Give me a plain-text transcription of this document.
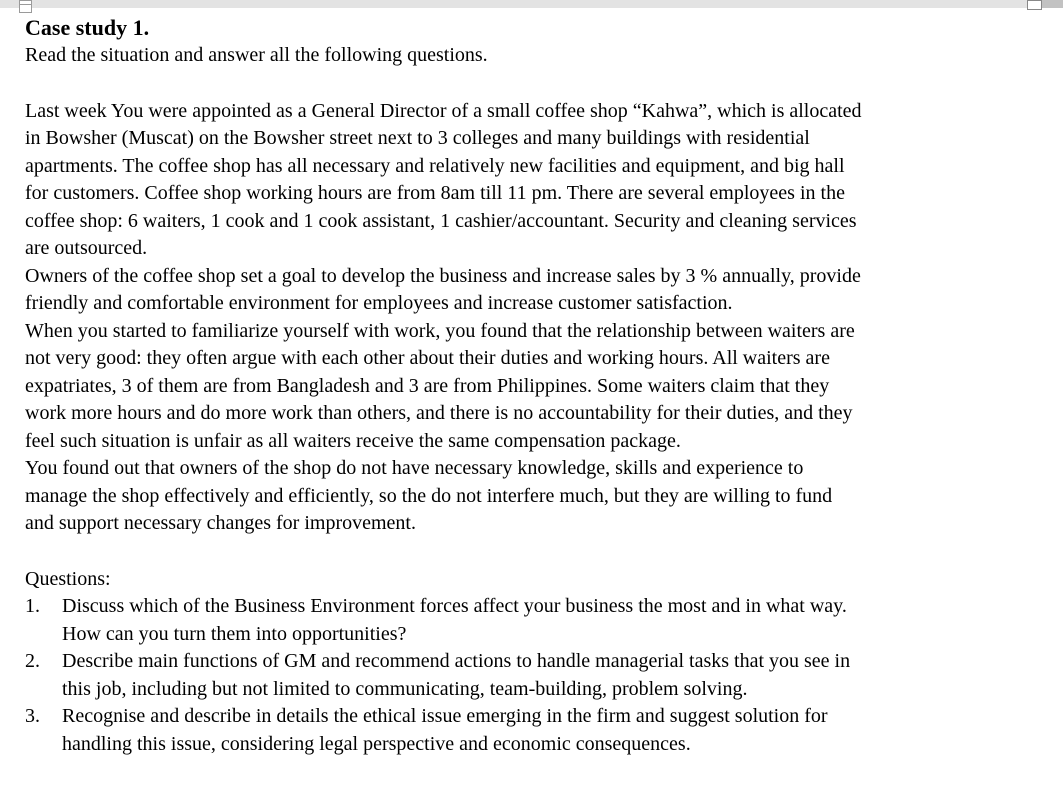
Case study 1.
Read the situation and answer all the following questions.
Last week You were appointed as a General Director of a small coffee shop “Kahwa”, which is allocated
in Bowsher (Muscat) on the Bowsher street next to 3 colleges and many buildings with residential
apartments. The coffee shop has all necessary and relatively new facilities and equipment, and big hall
for customers. Coffee shop working hours are from 8am till 11 pm. There are several employees in the
coffee shop: 6 waiters, 1 cook and 1 cook assistant, 1 cashier/accountant. Security and cleaning services
are outsourced.
Owners of the coffee shop set a goal to develop the business and increase sales by 3 % annually, provide
friendly and comfortable environment for employees and increase customer satisfaction.
When you started to familiarize yourself with work, you found that the relationship between waiters are
not very good: they often argue with each other about their duties and working hours. All waiters are
expatriates, 3 of them are from Bangladesh and 3 are from Philippines. Some waiters claim that they
work more hours and do more work than others, and there is no accountability for their duties, and they
feel such situation is unfair as all waiters receive the same compensation package.
You found out that owners of the shop do not have necessary knowledge, skills and experience to
manage the shop effectively and efficiently, so the do not interfere much, but they are willing to fund
and support necessary changes for improvement.
Questions:
1.	Discuss which of the Business Environment forces affect your business the most and in what way.
How can you turn them into opportunities?
2.	Describe main functions of GM and recommend actions to handle managerial tasks that you see in
this job, including but not limited to communicating, team-building, problem solving.
3.	Recognise and describe in details the ethical issue emerging in the firm and suggest solution for
handling this issue, considering legal perspective and economic consequences.
